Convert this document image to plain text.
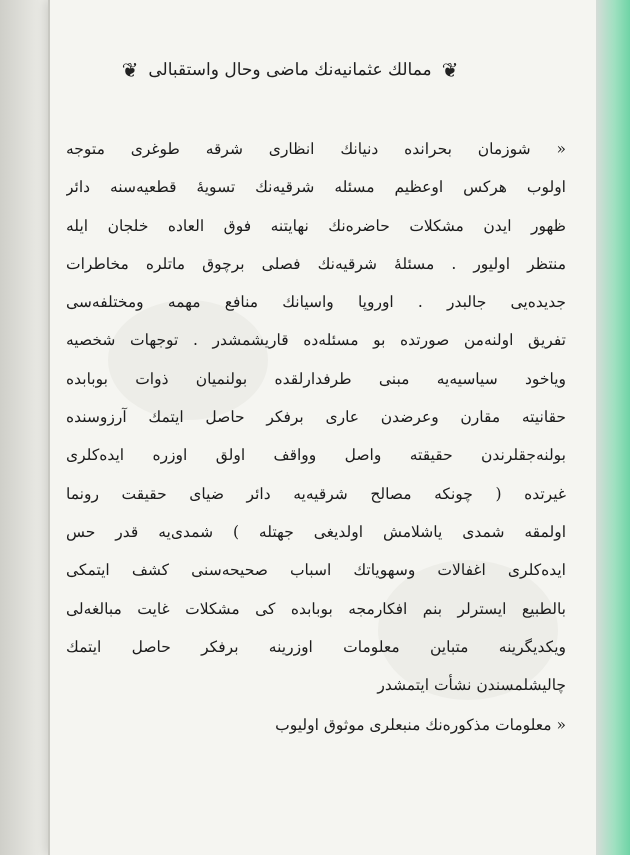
❦
ممالك عثمانیه‌نك ماضی وحال واستقبالی
❦
« شوزمان بحرانده دنیانك انظاری شرقه طوغری متوجه
اولوب هركس اوعظیم مسئله شرقیه‌نك تسویهٔ قطعیه‌سنه دائر
ظهور ایدن مشكلات حاضره‌نك نهایتنه فوق العاده خلجان ایله
منتظر اولیور . مسئلهٔ شرقیه‌نك فصلی برچوق ماتلره مخاطرات
جدیده‌یی جالبدر . اوروپا واسیانك منافع مهمه ومختلفه‌سی
تفریق اولنه‌من صورتده بو مسئله‌ده قاریشمشدر . توجهات شخصیه
ویاخود سیاسیه‌یه مبنی طرفدارلقده بولنمیان ذوات بوبابده
حقانیته مقارن وعرضدن عاری برفكر حاصل ایتمك آرزوسنده
بولنه‌جقلرندن حقیقته واصل وواقف اولق اوزره ایده‌كلری
غیرتده ( چونكه مصالح شرقیه‌یه دائر ضیای حقیقت رونما
اولمقه شمدی یاشلامش اولدیغی جهتله ) شمدی‌یه قدر حس
ایده‌كلری اغفالات وسهویاتك اسباب صحیحه‌سنی كشف ایتمكی
بالطبیع ایسترلر بنم افكارمجه بوبابده كی مشكلات غایت مبالغه‌لی
ویكدیگرینه متباین معلومات اوزرینه برفكر حاصل ایتمك
چالیشلمسندن نشأت ایتمشدر
« معلومات مذكوره‌نك منبعلری موثوق اولیوب
